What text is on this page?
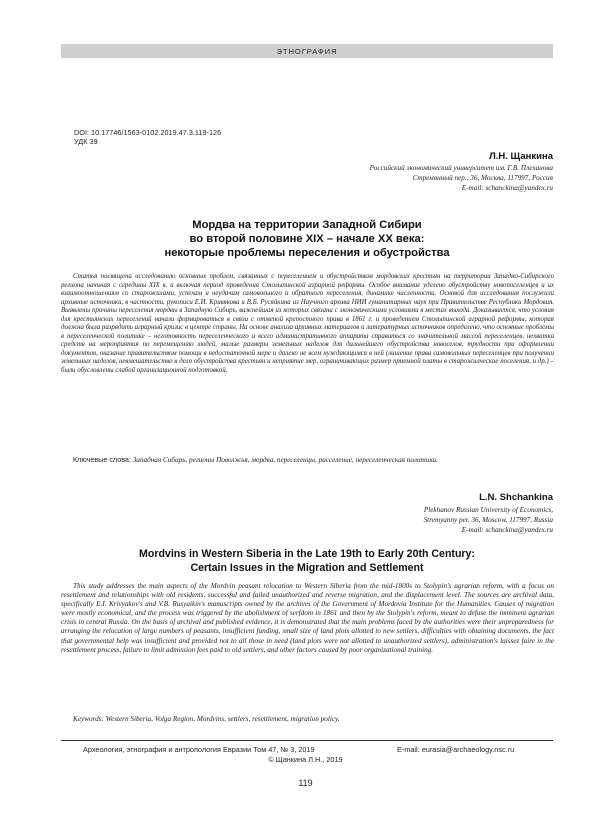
ЭТНОГРАФИЯ
DOI: 10.17746/1563-0102.2019.47.3.119-126
УДК 39
Л.Н. Щанкина
Российский экономический университет им. Г.В. Плеханова
Стремянный пер., 36, Москва, 117997, Россия
E-mail: schanckina@yandex.ru
Мордва на территории Западной Сибири
во второй половине XIX – начале XX века:
некоторые проблемы переселения и обустройства

Статья посвящена исследованию основных проблем, связанных с переселением и обустройством мордовских крестьян на территории Западно-Сибирского региона начиная с середины XIX в. и включая период проведения Столыпинской аграрной реформы. Особое внимание уделено обустройству новопоселенцев и их взаимоотношениям со старожилами, успехам и неудачам самовольного и обратного переселения, динамике численности. Основой для исследования послужили архивные источники, в частности, рукописи Е.И. Кривякова и В.Б. Русяйкина из Научного архива НИИ гуманитарных наук при Правительстве Республики Мордовия. Выявлены причины переселения мордвы в Западную Сибирь, важнейшая из которых связана с экономическими условиями в местах выхода. Доказывается, что условия для крестьянских переселений начали формироваться в связи с отменой крепостного права в 1861 г. и проведением Столыпинской аграрной реформы, которая должна была разрядить аграрный кризис в центре страны. На основе анализа архивных материалов и литературных источников определено, что основные проблемы в переселенческой политике – неготовность переселенческого и всего административного аппарата справиться со значительной массой переселенцев, нехватка средств на мероприятия по перемещению людей, малые размеры земельных наделов для дальнейшего обустройства новоселов, трудности при оформлении документов, оказание правительством помощи в недостаточной мере и далеко не всем нуждающимся в ней (лишение права самовольных переселенцев при получении земельных наделов, невмешательство в дело обустройства крестьян и неприятие мер, ограничивающих размер приемной платы в старожилческие поселения, и др.) – были обусловлены слабой организационной подготовкой.

Ключевые слова: Западная Сибирь, регионы Поволжья, мордва, переселенцы, расселение, переселенческая политика.
L.N. Shchankina
Plekhanov Russian University of Economics,
Stremyanny per. 36, Moscow, 117997, Russia
E-mail: schanckina@yandex.ru
Mordvins in Western Siberia in the Late 19th to Early 20th Century:
Certain Issues in the Migration and Settlement

This study addresses the main aspects of the Mordvin peasant relocation to Western Siberia from the mid-1800s to Stolypin's agrarian reform, with a focus on resettlement and relationships with old residents, successful and failed unauthorized and reverse migration, and the displacement level. The sources are archival data, specifically E.I. Krivyakov's and V.B. Rusyaikin's manuscripts owned by the archives of the Government of Mordovia Institute for the Humanities. Causes of migration were mostly economical, and the process was triggered by the abolishment of serfdom in 1861 and then by the Stolypin's reform, meant to defuse the imminent agrarian crisis in central Russia. On the basis of archival and published evidence, it is demonstrated that the main problems faced by the authorities were their unpreparedness for arranging the relocation of large numbers of peasants, insufficient funding, small size of land plots allotted to new settlers, difficulties with obtaining documents, the fact that governmental help was insufficient and provided not to all those in need (land plots were not allotted to unauthorized settlers), administration's laissez faire in the resettlement process, failure to limit admission fees paid to old settlers, and other factors caused by poor organizational training.

Keywords: Western Siberia, Volga Region, Mordvins, settlers, resettlement, migration policy.
Археология, этнография и антропология Евразии Том 47, № 3, 2019	E-mail: eurasia@archaeology.nsc.ru
© Щанкина Л.Н., 2019
119
